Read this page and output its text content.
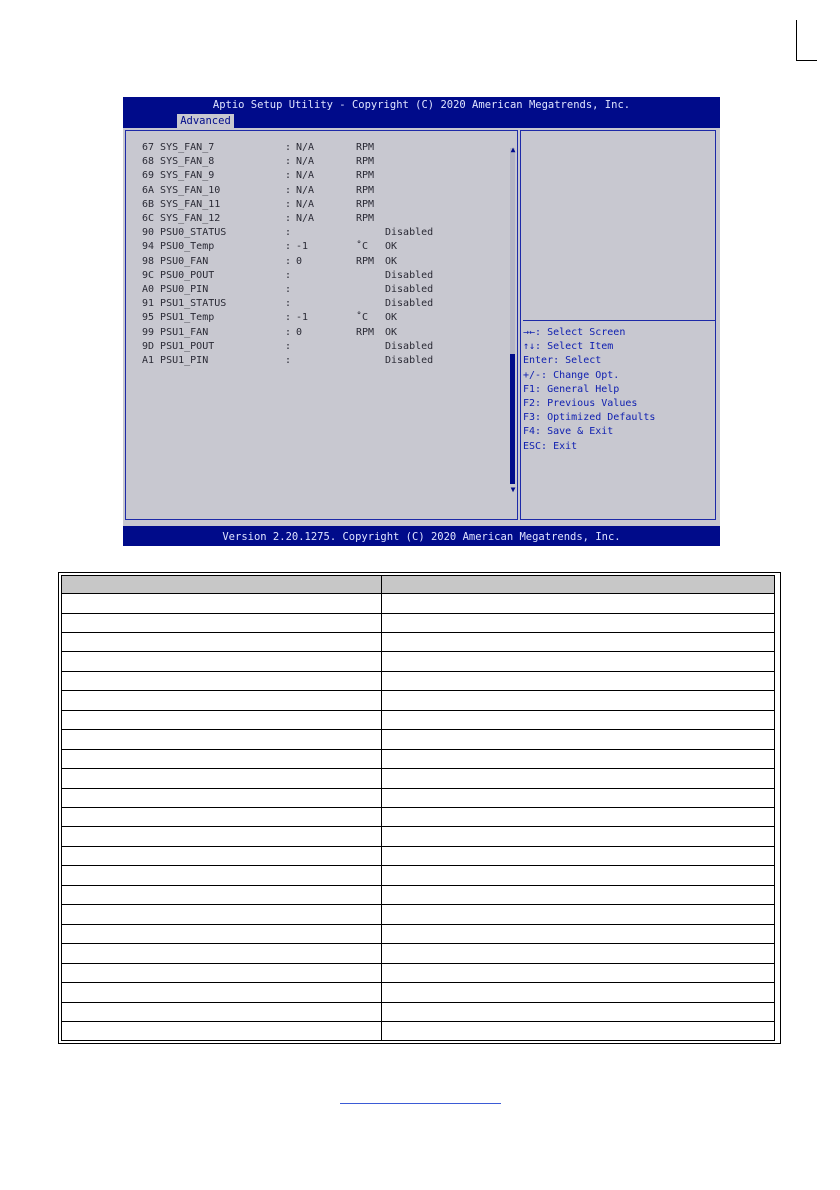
Aptio Setup Utility - Copyright (C) 2020 American Megatrends, Inc.
Advanced
67 SYS_FAN_7	: N/A	RPM
68 SYS_FAN_8	: N/A	RPM
69 SYS_FAN_9	: N/A	RPM
6A SYS_FAN_10	: N/A	RPM
6B SYS_FAN_11	: N/A	RPM
6C SYS_FAN_12	: N/A	RPM
90 PSU0_STATUS	:	Disabled
94 PSU0_Temp	: -1	˚C OK
98 PSU0_FAN	: 0	RPM OK
9C PSU0_POUT	:	Disabled
A0 PSU0_PIN	:	Disabled
91 PSU1_STATUS	:	Disabled
95 PSU1_Temp	: -1	˚C OK
99 PSU1_FAN	: 0	RPM OK
9D PSU1_POUT	:	Disabled
A1 PSU1_PIN	:	Disabled
▲
▼
→←: Select Screen
↑↓: Select Item
Enter: Select
+/-: Change Opt.
F1: General Help
F2: Previous Values
F3: Optimized Defaults
F4: Save & Exit
ESC: Exit
Version 2.20.1275. Copyright (C) 2020 American Megatrends, Inc.
